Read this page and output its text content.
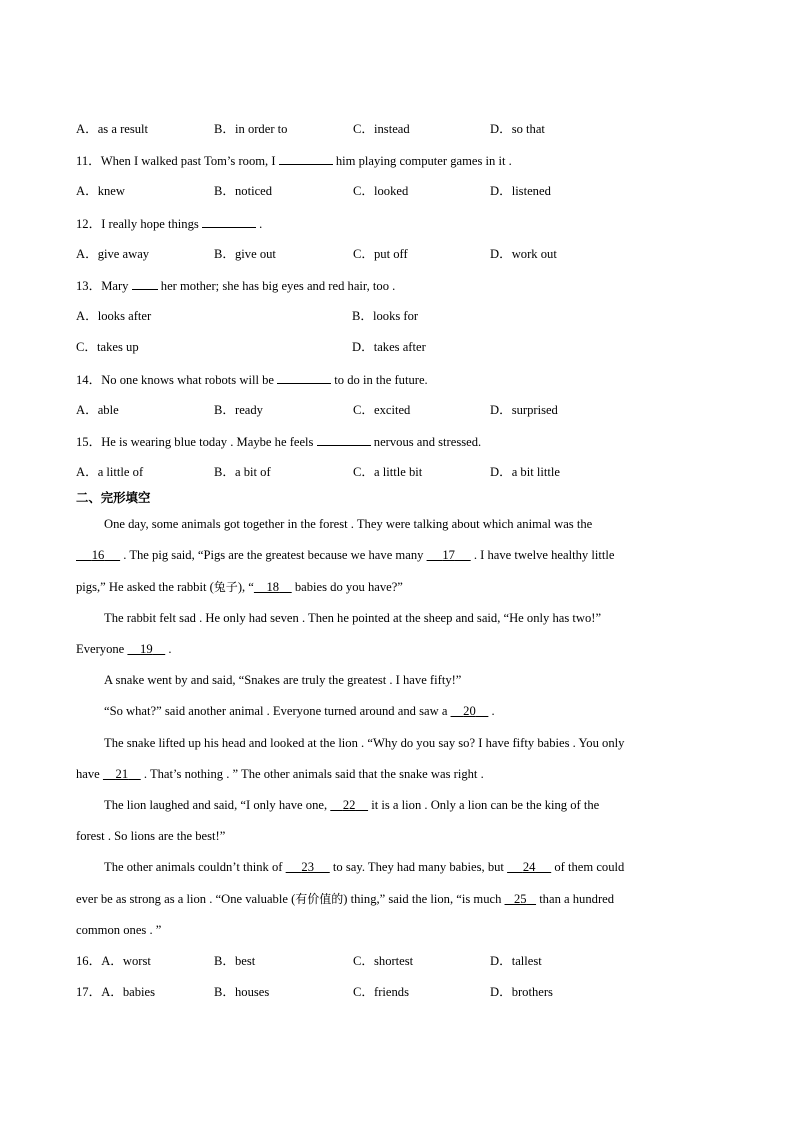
A．as a result	B．in order to	C．instead	D．so that
11．When I walked past Tom’s room, I	him playing computer games in it .
A．knew	B．noticed	C．looked	D．listened
12．I really hope things	.
A．give away	B．give out	C．put off	D．work out
13．Mary	her mother; she has big eyes and red hair, too .
A．looks after	B．looks for
C．takes up	D．takes after
14．No one knows what robots will be	to do in the future.
A．able	B．ready	C．excited	D．surprised
15．He is wearing blue today . Maybe he feels	nervous and stressed.
A．a little of	B．a bit of	C．a little bit	D．a bit little
二、完形填空
One day, some animals got together in the forest . They were talking about which animal was the
16 . The pig said, “Pigs are the greatest because we have many 17 . I have twelve healthy little
pigs,” He asked the rabbit (兔子), “ 18 babies do you have?”
The rabbit felt sad . He only had seven . Then he pointed at the sheep and said, “He only has two!”
Everyone 19 .
A snake went by and said, “Snakes are truly the greatest . I have fifty!”
“So what?” said another animal . Everyone turned around and saw a 20 .
The snake lifted up his head and looked at the lion . “Why do you say so? I have fifty babies . You only
have 21 . That’s nothing . ” The other animals said that the snake was right .
The lion laughed and said, “I only have one, 22 it is a lion . Only a lion can be the king of the
forest . So lions are the best!”
The other animals couldn’t think of 23 to say. They had many babies, but 24 of them could
ever be as strong as a lion . “One valuable (有价值的) thing,” said the lion, “is much 25 than a hundred
common ones . ”
16．A．worst	B．best	C．shortest	D．tallest
17．A．babies	B．houses	C．friends	D．brothers
